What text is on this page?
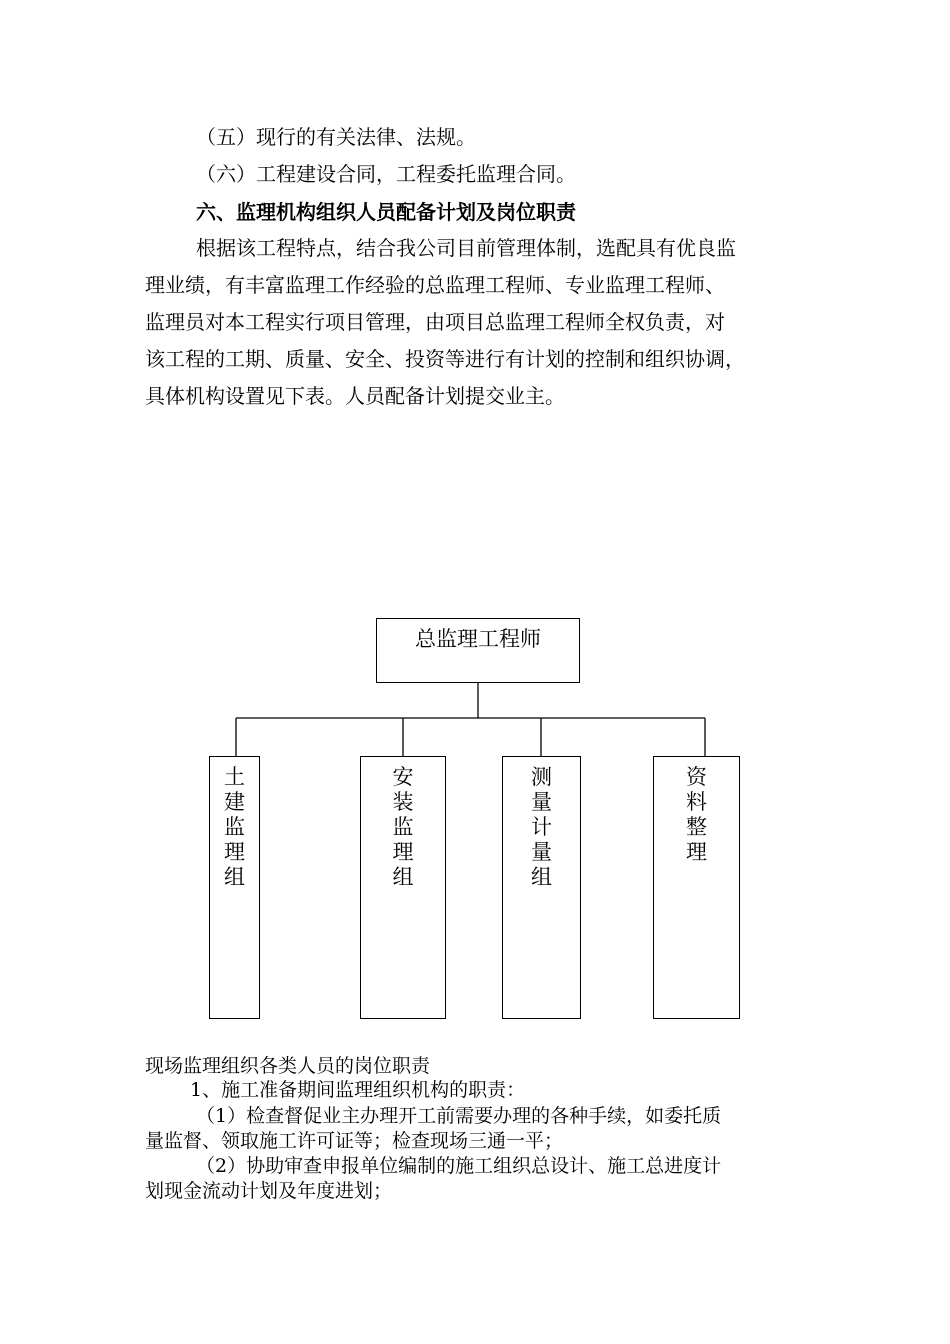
（五）现行的有关法律、法规。
（六）工程建设合同，工程委托监理合同。
六、监理机构组织人员配备计划及岗位职责
根据该工程特点，结合我公司目前管理体制，选配具有优良监
理业绩，有丰富监理工作经验的总监理工程师、专业监理工程师、
监理员对本工程实行项目管理，由项目总监理工程师全权负责，对
该工程的工期、质量、安全、投资等进行有计划的控制和组织协调，
具体机构设置见下表。人员配备计划提交业主。
总监理工程师
土
建
监
理
组
安
装
监
理
组
测
量
计
量
组
资
料
整
理
现场监理组织各类人员的岗位职责
1、施工准备期间监理组织机构的职责：
（1）检查督促业主办理开工前需要办理的各种手续，如委托质
量监督、领取施工许可证等；检查现场三通一平；
（2）协助审查申报单位编制的施工组织总设计、施工总进度计
划现金流动计划及年度进划；
